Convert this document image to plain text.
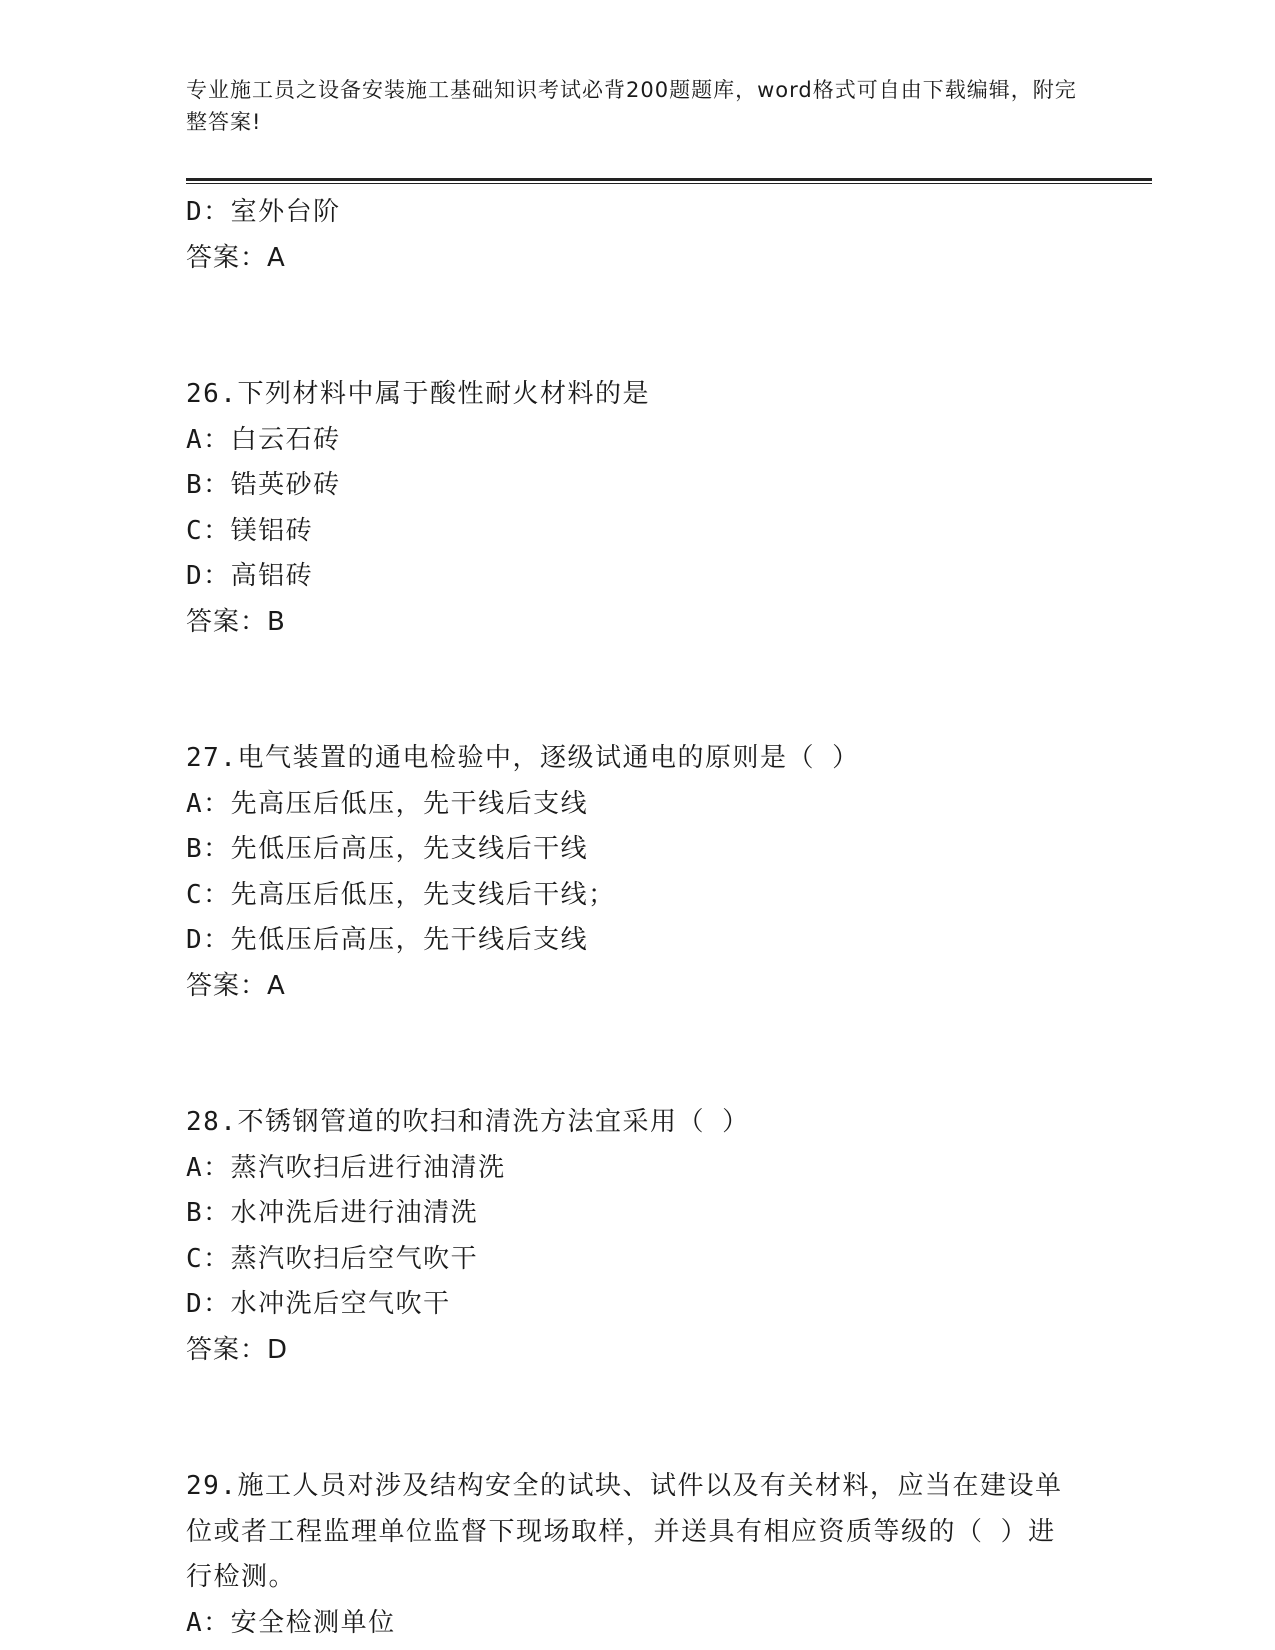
专业施工员之设备安装施工基础知识考试必背200题题库，word格式可自由下载编辑，附完整答案!
D：室外台阶
答案：A
26.下列材料中属于酸性耐火材料的是
A：白云石砖
B：锆英砂砖
C：镁铝砖
D：高铝砖
答案：B
27.电气装置的通电检验中，逐级试通电的原则是（ ）
A：先高压后低压，先干线后支线
B：先低压后高压，先支线后干线
C：先高压后低压，先支线后干线；
D：先低压后高压，先干线后支线
答案：A
28.不锈钢管道的吹扫和清洗方法宜采用（ ）
A：蒸汽吹扫后进行油清洗
B：水冲洗后进行油清洗
C：蒸汽吹扫后空气吹干
D：水冲洗后空气吹干
答案：D
29.施工人员对涉及结构安全的试块、试件以及有关材料，应当在建设单位或者工程监理单位监督下现场取样，并送具有相应资质等级的（ ）进行检测。
A：安全检测单位
